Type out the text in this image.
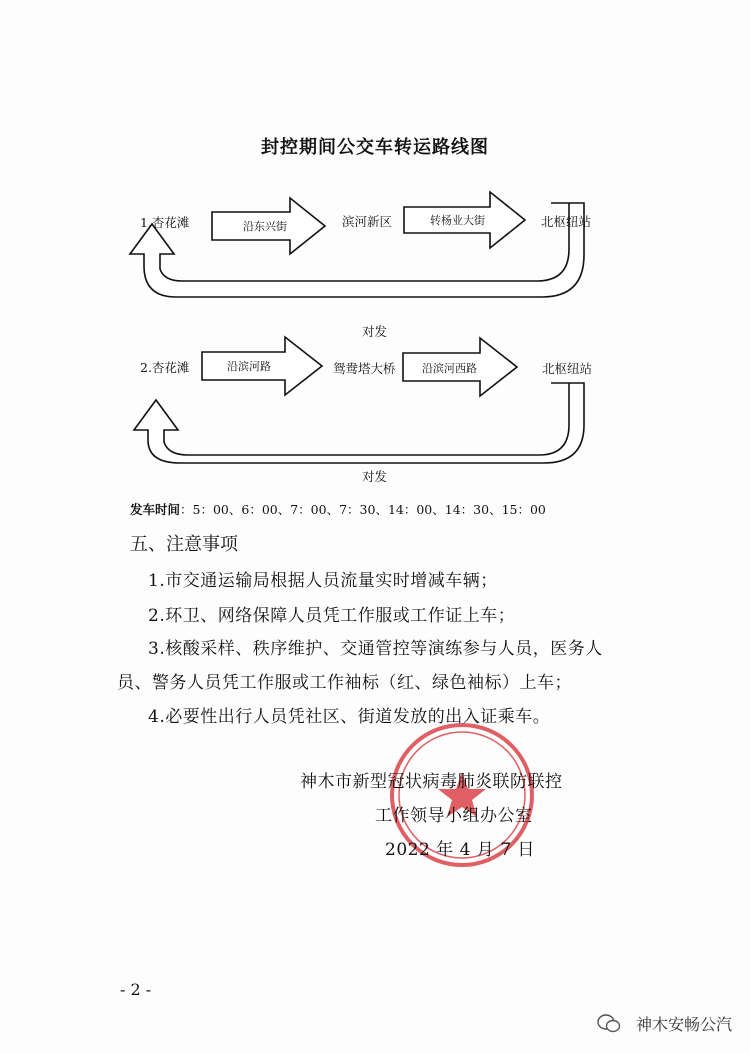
封控期间公交车转运路线图
1.杏花滩	沿东兴街	滨河新区	转杨业大街	北枢纽站
对发
2.杏花滩	沿滨河路	鸳鸯塔大桥 沿滨河西路	北枢纽站
对发
发车时间：5：00、6：00、7：00、7：30、14：00、14：30、15：00
五、注意事项
1.市交通运输局根据人员流量实时增减车辆；
2.环卫、网络保障人员凭工作服或工作证上车；
3.核酸采样、秩序维护、交通管控等演练参与人员，医务人
员、警务人员凭工作服或工作袖标（红、绿色袖标）上车；
4.必要性出行人员凭社区、街道发放的出入证乘车。
神木市新型冠状病毒肺炎联防联控
工作领导小组办公室
2022 年 4 月 7 日
- 2 -
神木安畅公汽
